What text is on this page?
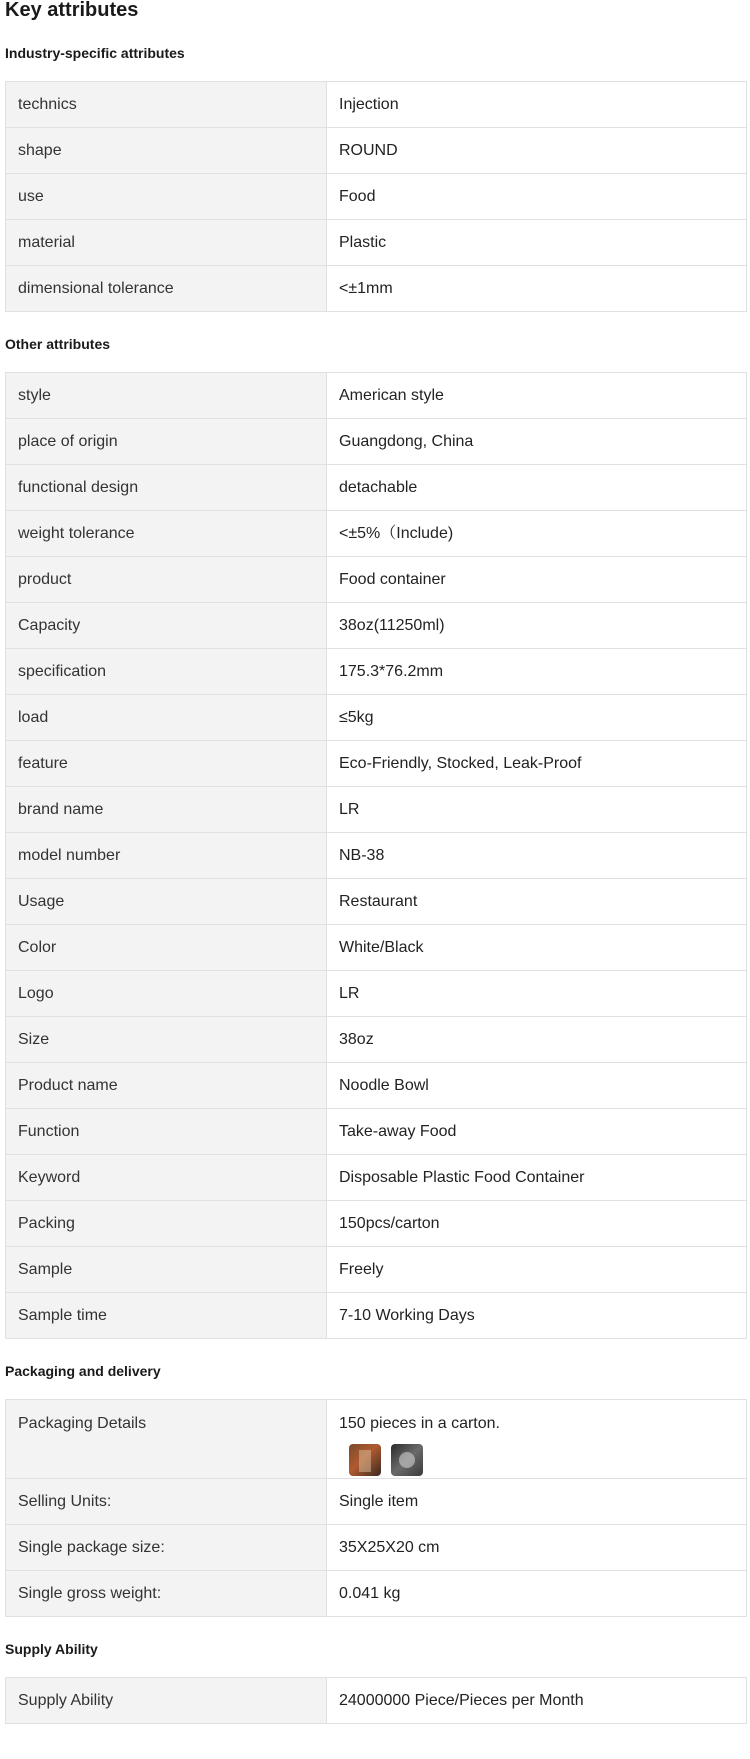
Key attributes
Industry-specific attributes
technics	Injection
shape	ROUND
use	Food
material	Plastic
dimensional tolerance	<±1mm
Other attributes
style	American style
place of origin	Guangdong, China
functional design	detachable
weight tolerance	<±5%（Include)
product	Food container
Capacity	38oz(11250ml)
specification	175.3*76.2mm
load	≤5kg
feature	Eco-Friendly, Stocked, Leak-Proof
brand name	LR
model number	NB-38
Usage	Restaurant
Color	White/Black
Logo	LR
Size	38oz
Product name	Noodle Bowl
Function	Take-away Food
Keyword	Disposable Plastic Food Container
Packing	150pcs/carton
Sample	Freely
Sample time	7-10 Working Days
Packaging and delivery
Packaging Details	150 pieces in a carton.

Selling Units:	Single item
Single package size:	35X25X20 cm
Single gross weight:	0.041 kg
Supply Ability
Supply Ability	24000000 Piece/Pieces per Month
